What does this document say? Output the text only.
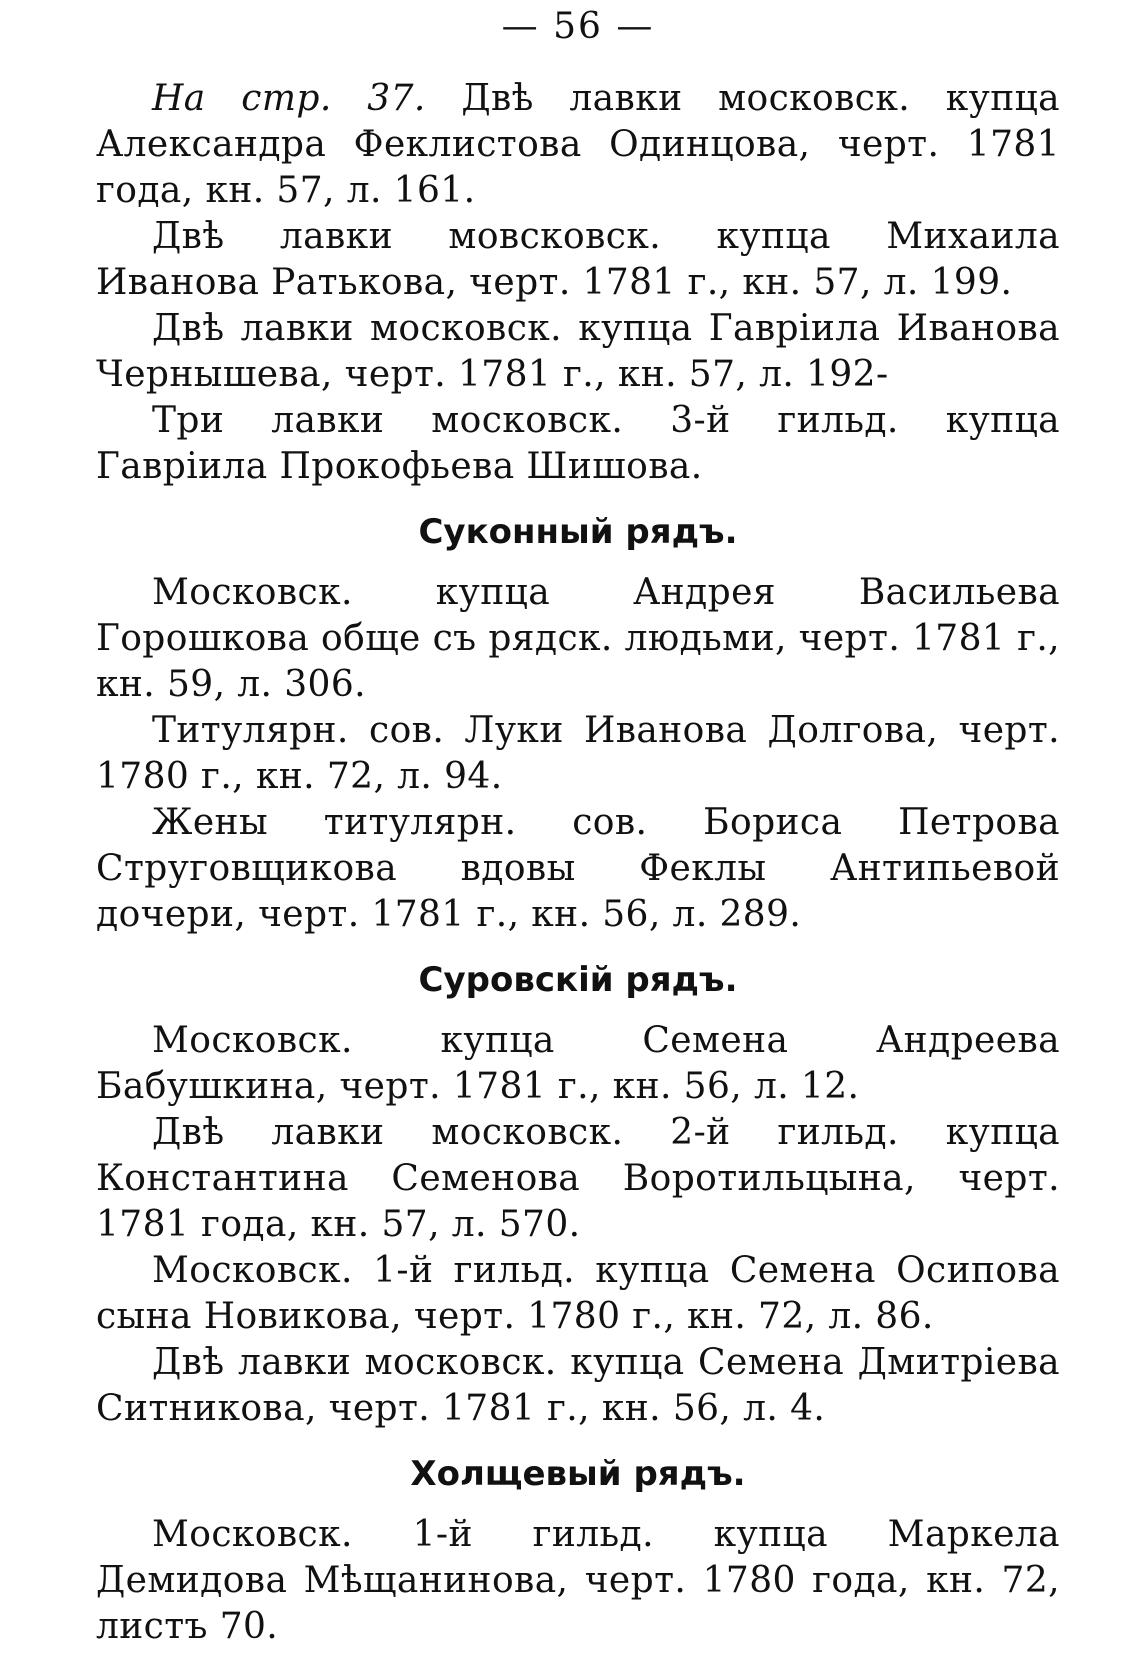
— 56 —

На стр. 37. Двѣ лавки московск. купца Александра Феклистова Одинцова, черт. 1781 года, кн. 57, л. 161.

Двѣ лавки мовсковск. купца Михаила Иванова Ратькова, черт. 1781 г., кн. 57, л. 199.

Двѣ лавки московск. купца Гавріила Иванова Чернышева, черт. 1781 г., кн. 57, л. 192-

Три лавки московск. 3-й гильд. купца Гавріила Прокофьева Шишова.

Суконный рядъ.

Московск. купца Андрея Васильева Горошкова обще съ рядск. людьми, черт. 1781 г., кн. 59, л. 306.

Титулярн. сов. Луки Иванова Долгова, черт. 1780 г., кн. 72, л. 94.

Жены титулярн. сов. Бориса Петрова Струговщикова вдовы Феклы Антипьевой дочери, черт. 1781 г., кн. 56, л. 289.

Суровскій рядъ.

Московск. купца Семена Андреева Бабушкина, черт. 1781 г., кн. 56, л. 12.

Двѣ лавки московск. 2-й гильд. купца Константина Семенова Воротильцына, черт. 1781 года, кн. 57, л. 570.

Московск. 1-й гильд. купца Семена Осипова сына Новикова, черт. 1780 г., кн. 72, л. 86.

Двѣ лавки московск. купца Семена Дмитріева Ситникова, черт. 1781 г., кн. 56, л. 4.

Холщевый рядъ.

Московск. 1-й гильд. купца Маркела Демидова Мѣщанинова, черт. 1780 года, кн. 72, листъ 70.
